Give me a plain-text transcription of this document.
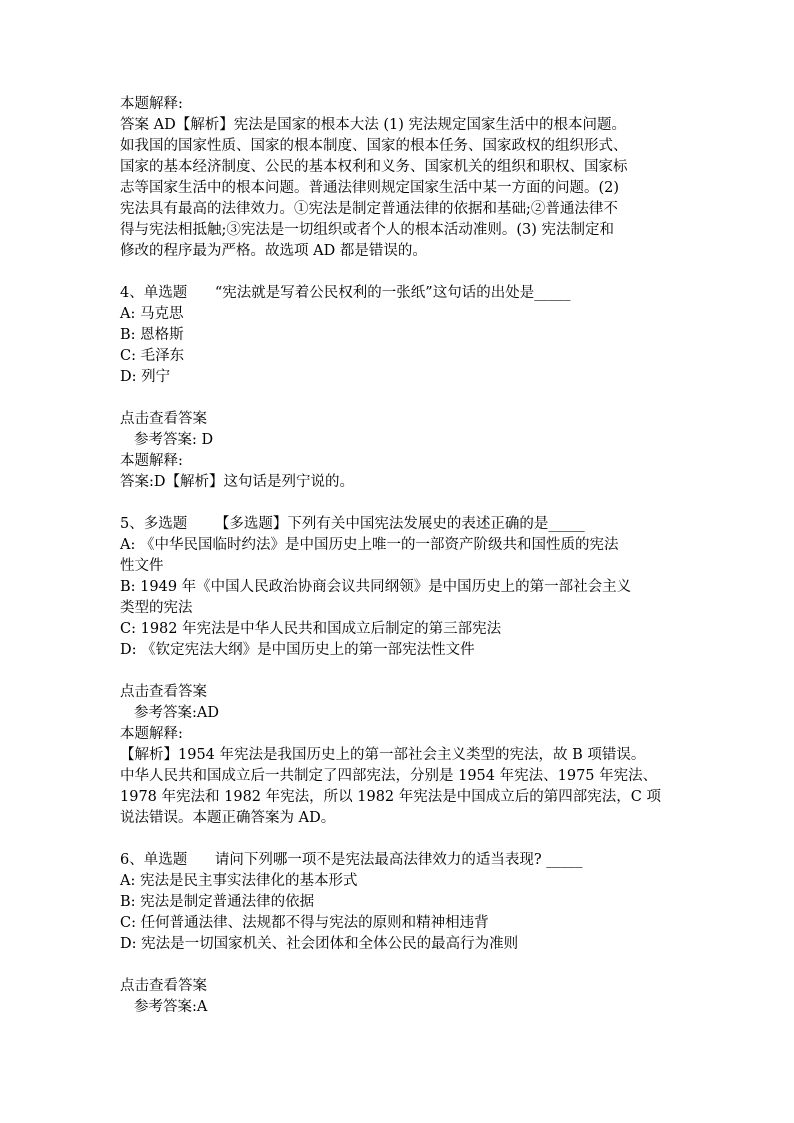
本题解释:

答案 AD【解析】宪法是国家的根本大法 (1) 宪法规定国家生活中的根本问题。

如我国的国家性质、国家的根本制度、国家的根本任务、国家政权的组织形式、

国家的基本经济制度、公民的基本权利和义务、国家机关的组织和职权、国家标

志等国家生活中的根本问题。普通法律则规定国家生活中某一方面的问题。(2)

宪法具有最高的法律效力。①宪法是制定普通法律的依据和基础;②普通法律不

得与宪法相抵触;③宪法是一切组织或者个人的根本活动准则。(3) 宪法制定和

修改的程序最为严格。故选项 AD 都是错误的。

4、单选题      “宪法就是写着公民权利的一张纸”这句话的出处是_____

A: 马克思

B: 恩格斯

C: 毛泽东

D: 列宁

点击查看答案

参考答案: D

本题解释:

答案:D【解析】这句话是列宁说的。

5、多选题      【多选题】下列有关中国宪法发展史的表述正确的是_____

A: 《中华民国临时约法》是中国历史上唯一的一部资产阶级共和国性质的宪法

性文件

B: 1949 年《中国人民政治协商会议共同纲领》是中国历史上的第一部社会主义

类型的宪法

C: 1982 年宪法是中华人民共和国成立后制定的第三部宪法

D: 《钦定宪法大纲》是中国历史上的第一部宪法性文件

点击查看答案

参考答案:AD

本题解释:

【解析】1954 年宪法是我国历史上的第一部社会主义类型的宪法，故 B 项错误。

中华人民共和国成立后一共制定了四部宪法，分别是 1954 年宪法、1975 年宪法、

1978 年宪法和 1982 年宪法，所以 1982 年宪法是中国成立后的第四部宪法，C 项

说法错误。本题正确答案为 AD。

6、单选题      请问下列哪一项不是宪法最高法律效力的适当表现? _____

A: 宪法是民主事实法律化的基本形式

B: 宪法是制定普通法律的依据

C: 任何普通法律、法规都不得与宪法的原则和精神相违背

D: 宪法是一切国家机关、社会团体和全体公民的最高行为准则

点击查看答案

参考答案:A
